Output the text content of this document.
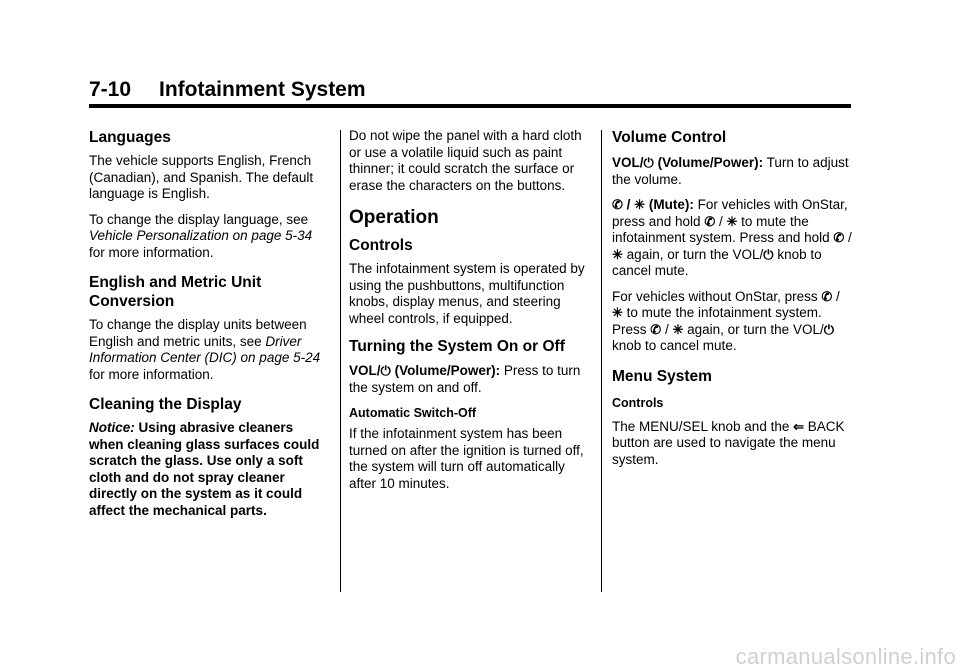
7-10 Infotainment System
Languages

The vehicle supports English, French (Canadian), and Spanish. The default language is English.

To change the display language, see Vehicle Personalization on page 5-34 for more information.

English and Metric Unit Conversion

To change the display units between English and metric units, see Driver Information Center (DIC) on page 5-24 for more information.

Cleaning the Display

Notice: Using abrasive cleaners when cleaning glass surfaces could scratch the glass. Use only a soft cloth and do not spray cleaner directly on the system as it could affect the mechanical parts.

Do not wipe the panel with a hard cloth or use a volatile liquid such as paint thinner; it could scratch the surface or erase the characters on the buttons.

Operation
Controls

The infotainment system is operated by using the pushbuttons, multifunction knobs, display menus, and steering wheel controls, if equipped.

Turning the System On or Off

VOL/⏻ (Volume/Power): Press to turn the system on and off.

Automatic Switch-Off

If the infotainment system has been turned on after the ignition is turned off, the system will turn off automatically after 10 minutes.

Volume Control

VOL/⏻ (Volume/Power): Turn to adjust the volume.

✆ / ✳ (Mute): For vehicles with OnStar, press and hold ✆ / ✳ to mute the infotainment system. Press and hold ✆ / ✳ again, or turn the VOL/⏻ knob to cancel mute.

For vehicles without OnStar, press ✆ / ✳ to mute the infotainment system. Press ✆ / ✳ again, or turn the VOL/⏻ knob to cancel mute.

Menu System
Controls

The MENU/SEL knob and the ⇐ BACK button are used to navigate the menu system.

carmanualsonline.info
